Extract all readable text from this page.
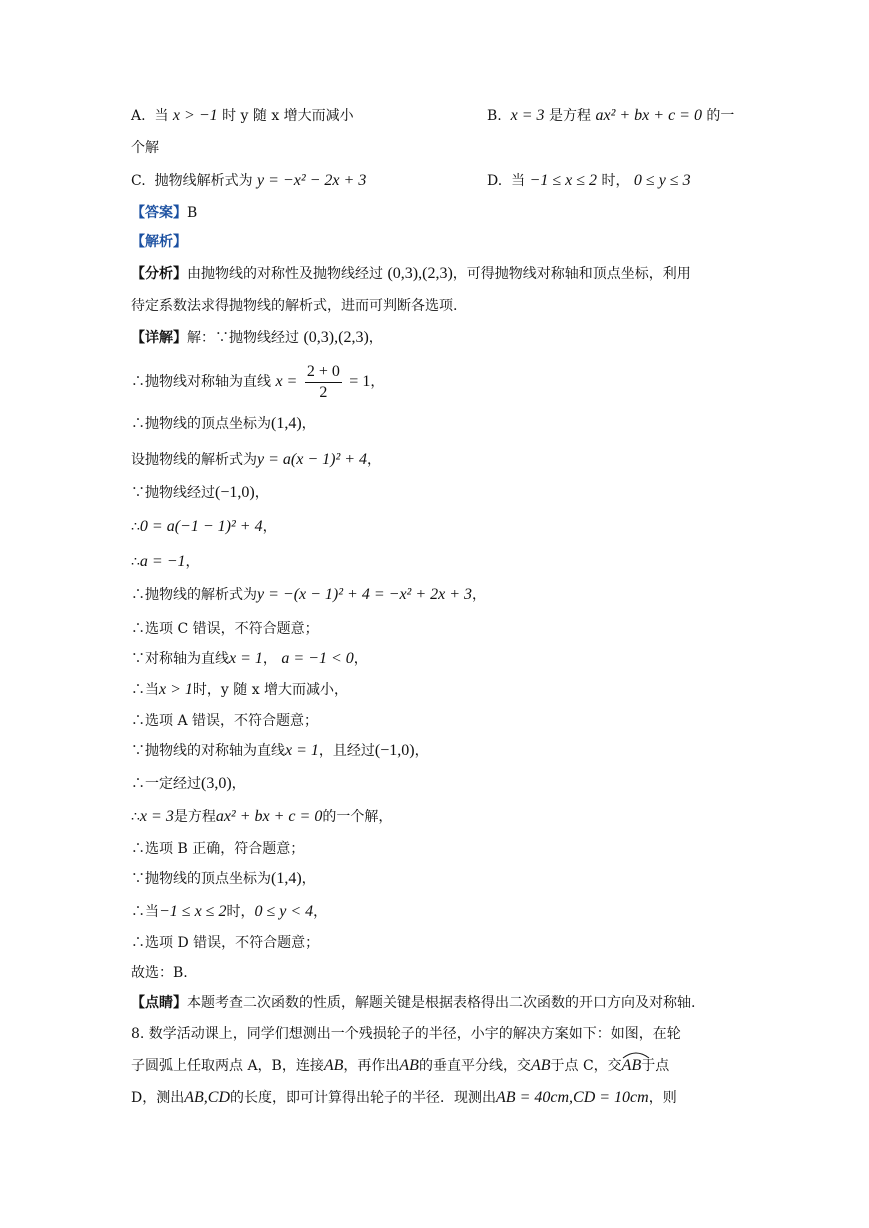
A. 当 x > −1 时 y 随 x 增大而减小	B. x = 3 是方程 ax² + bx + c = 0 的一
个解
C. 抛物线解析式为 y = −x² − 2x + 3	D. 当 −1 ≤ x ≤ 2 时， 0 ≤ y ≤ 3
【答案】B
【解析】
【分析】由抛物线的对称性及抛物线经过 (0,3),(2,3)，可得抛物线对称轴和顶点坐标，利用
待定系数法求得抛物线的解析式，进而可判断各选项.
【详解】解：∵抛物线经过 (0,3),(2,3)，
∴抛物线对称轴为直线 $x = \frac{2 + 0}{2} = 1$，
∴抛物线的顶点坐标为(1,4)，
设抛物线的解析式为y = a(x − 1)² + 4，
∵抛物线经过(−1,0)，
∴0 = a(−1 − 1)² + 4，
∴a = −1，
∴抛物线的解析式为y = −(x − 1)² + 4 = −x² + 2x + 3，
∴选项 C 错误，不符合题意；
∵对称轴为直线x = 1， a = −1 < 0，
∴当x > 1时，y 随 x 增大而减小，
∴选项 A 错误，不符合题意；
∵抛物线的对称轴为直线x = 1，且经过(−1,0)，
∴一定经过(3,0)，
∴x = 3是方程ax² + bx + c = 0的一个解，
∴选项 B 正确，符合题意；
∵抛物线的顶点坐标为(1,4)，
∴当−1 ≤ x ≤ 2时，0 ≤ y < 4，
∴选项 D 错误，不符合题意；
故选：B.
【点睛】本题考查二次函数的性质，解题关键是根据表格得出二次函数的开口方向及对称轴.
8. 数学活动课上，同学们想测出一个残损轮子的半径，小宇的解决方案如下：如图，在轮
子圆弧上任取两点 A，B，连接AB，再作出AB的垂直平分线，交AB于点 C，交
AB于点
D，测出AB,CD的长度，即可计算得出轮子的半径．现测出AB = 40cm,CD = 10cm，则
